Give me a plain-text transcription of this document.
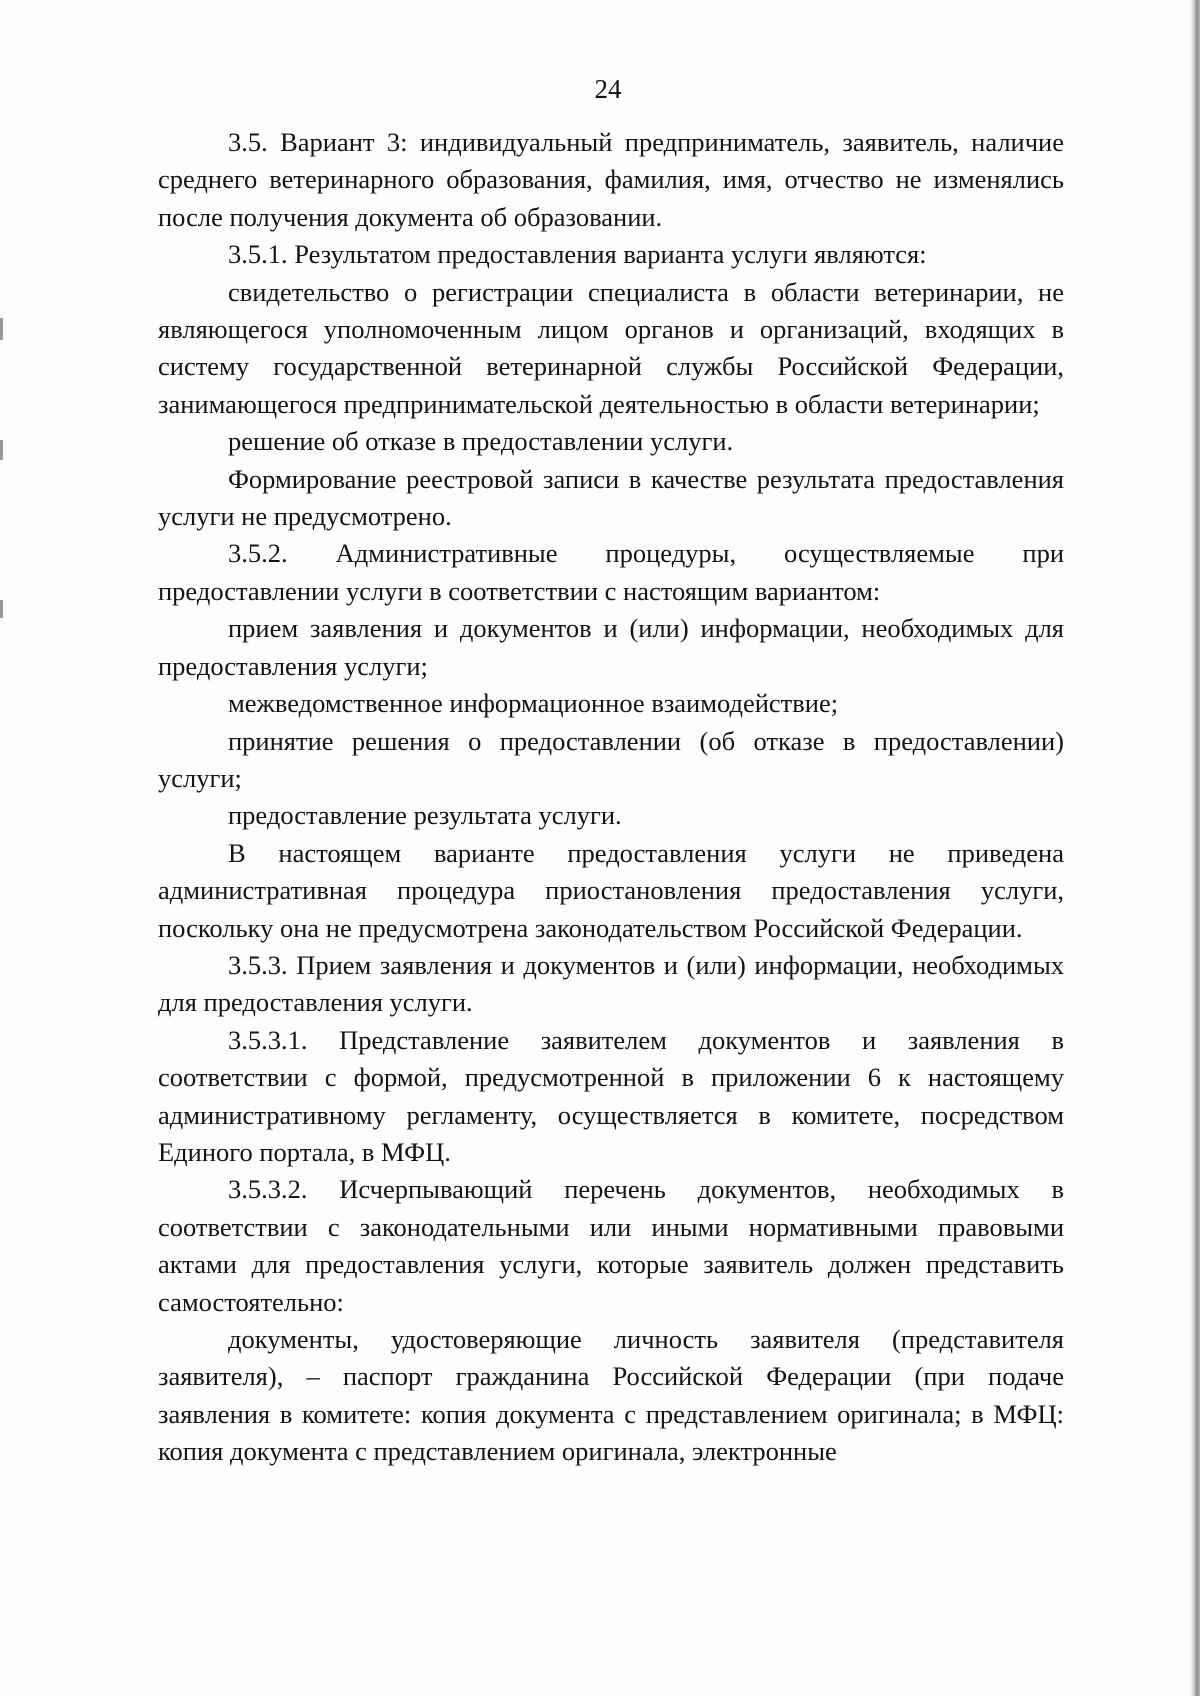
24

3.5. Вариант 3: индивидуальный предприниматель, заявитель, наличие среднего ветеринарного образования, фамилия, имя, отчество не изменялись после получения документа об образовании.

3.5.1. Результатом предоставления варианта услуги являются:

свидетельство о регистрации специалиста в области ветеринарии, не являющегося уполномоченным лицом органов и организаций, входящих в систему государственной ветеринарной службы Российской Федерации, занимающегося предпринимательской деятельностью в области ветеринарии;

решение об отказе в предоставлении услуги.

Формирование реестровой записи в качестве результата предоставления услуги не предусмотрено.

3.5.2. Административные процедуры, осуществляемые при предоставлении услуги в соответствии с настоящим вариантом:

прием заявления и документов и (или) информации, необходимых для предоставления услуги;

межведомственное информационное взаимодействие;

принятие решения о предоставлении (об отказе в предоставлении) услуги;

предоставление результата услуги.

В настоящем варианте предоставления услуги не приведена административная процедура приостановления предоставления услуги, поскольку она не предусмотрена законодательством Российской Федерации.

3.5.3. Прием заявления и документов и (или) информации, необходимых для предоставления услуги.

3.5.3.1. Представление заявителем документов и заявления в соответствии с формой, предусмотренной в приложении 6 к настоящему административному регламенту, осуществляется в комитете, посредством Единого портала, в МФЦ.

3.5.3.2. Исчерпывающий перечень документов, необходимых в соответствии с законодательными или иными нормативными правовыми актами для предоставления услуги, которые заявитель должен представить самостоятельно:

документы, удостоверяющие личность заявителя (представителя заявителя), – паспорт гражданина Российской Федерации (при подаче заявления в комитете: копия документа с представлением оригинала; в МФЦ: копия документа с представлением оригинала, электронные
